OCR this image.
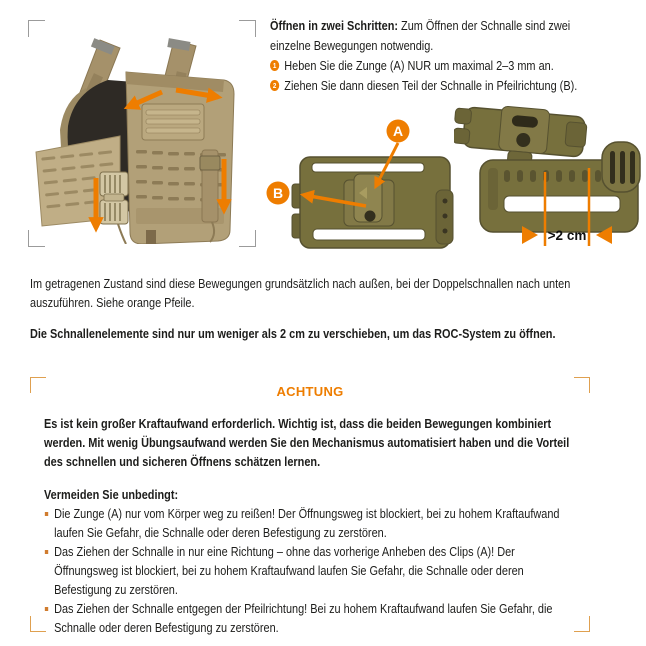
Öffnen in zwei Schritten: Zum Öffnen der Schnalle sind zwei einzelne Bewegungen notwendig.

1 Heben Sie die Zunge (A) NUR um maximal 2–3 mm an.
2 Ziehen Sie dann diesen Teil der Schnalle in Pfeilrichtung (B).
A
B
>2 cm

Im getragenen Zustand sind diese Bewegungen grundsätzlich nach außen, bei der Doppelschnallen nach unten auszuführen. Siehe orange Pfeile.

Die Schnallenelemente sind nur um weniger als 2 cm zu verschieben, um das ROC-System zu öffnen.

ACHTUNG

Es ist kein großer Kraftaufwand erforderlich. Wichtig ist, dass die beiden Bewegungen kombiniert werden. Mit wenig Übungsaufwand werden Sie den Mechanismus automatisiert haben und die Vorteil des schnellen und sicheren Öffnens schätzen lernen.

Vermeiden Sie unbedingt:

Die Zunge (A) nur vom Körper weg zu reißen! Der Öffnungsweg ist blockiert, bei zu hohem Kraftaufwand laufen Sie Gefahr, die Schnalle oder deren Befestigung zu zerstören.
Das Ziehen der Schnalle in nur eine Richtung – ohne das vorherige Anheben des Clips (A)! Der Öffnungsweg ist blockiert, bei zu hohem Kraftaufwand laufen Sie Gefahr, die Schnalle oder deren Befestigung zu zerstören.
Das Ziehen der Schnalle entgegen der Pfeilrichtung! Bei zu hohem Kraftaufwand laufen Sie Gefahr, die Schnalle oder deren Befestigung zu zerstören.
